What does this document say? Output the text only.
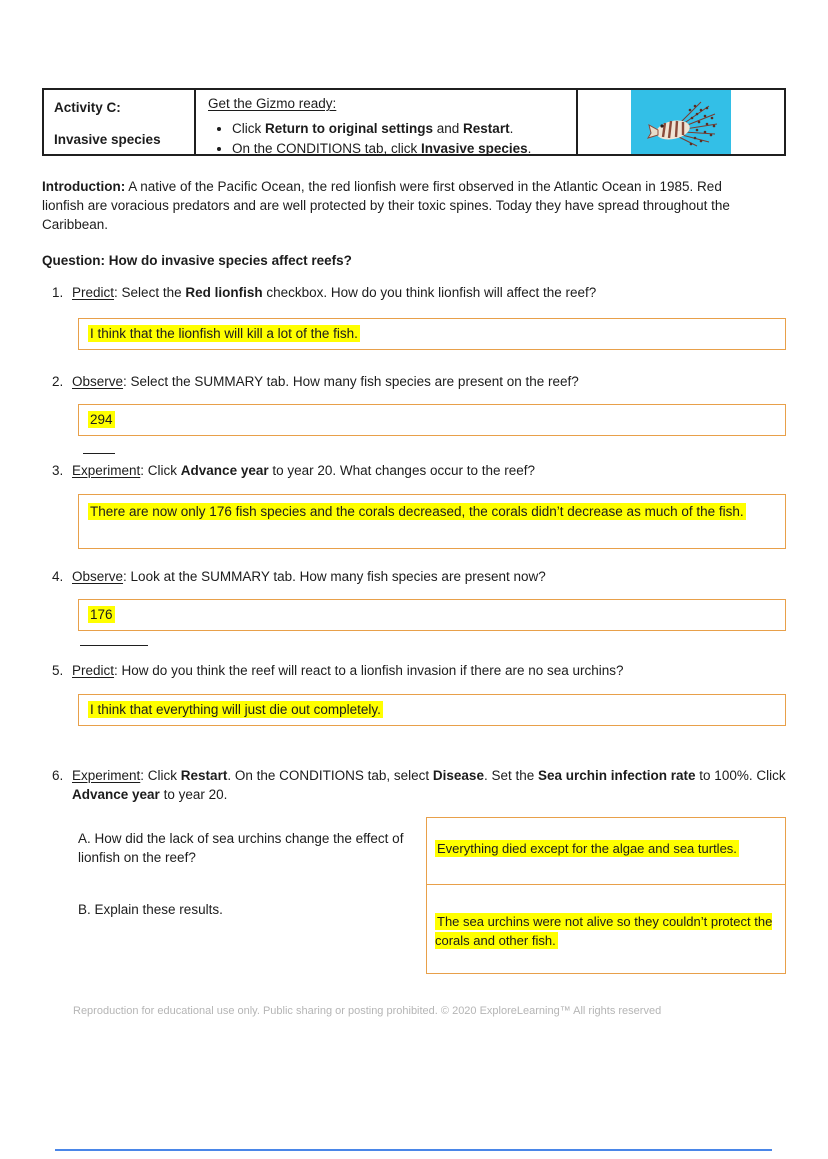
Activity C:
Invasive species
Get the Gizmo ready:
• Click Return to original settings and Restart.
• On the CONDITIONS tab, click Invasive species.

Introduction: A native of the Pacific Ocean, the red lionfish were first observed in the Atlantic Ocean in 1985. Red lionfish are voracious predators and are well protected by their toxic spines. Today they have spread throughout the Caribbean.

Question: How do invasive species affect reefs?

1. Predict: Select the Red lionfish checkbox. How do you think lionfish will affect the reef?
I think that the lionfish will kill a lot of the fish.
2. Observe: Select the SUMMARY tab. How many fish species are present on the reef?
294
3. Experiment: Click Advance year to year 20. What changes occur to the reef?
There are now only 176 fish species and the corals decreased, the corals didn’t decrease as much of the fish.
4. Observe: Look at the SUMMARY tab. How many fish species are present now?
176
5. Predict: How do you think the reef will react to a lionfish invasion if there are no sea urchins?
I think that everything will just die out completely.
6. Experiment: Click Restart. On the CONDITIONS tab, select Disease. Set the Sea urchin infection rate to 100%. Click Advance year to year 20.

A. How did the lack of sea urchins change the effect of lionfish on the reef?

B. Explain these results.

Everything died except for the algae and sea turtles.
The sea urchins were not alive so they couldn’t protect the corals and other fish.
Reproduction for educational use only. Public sharing or posting prohibited. © 2020 ExploreLearning™ All rights reserved
